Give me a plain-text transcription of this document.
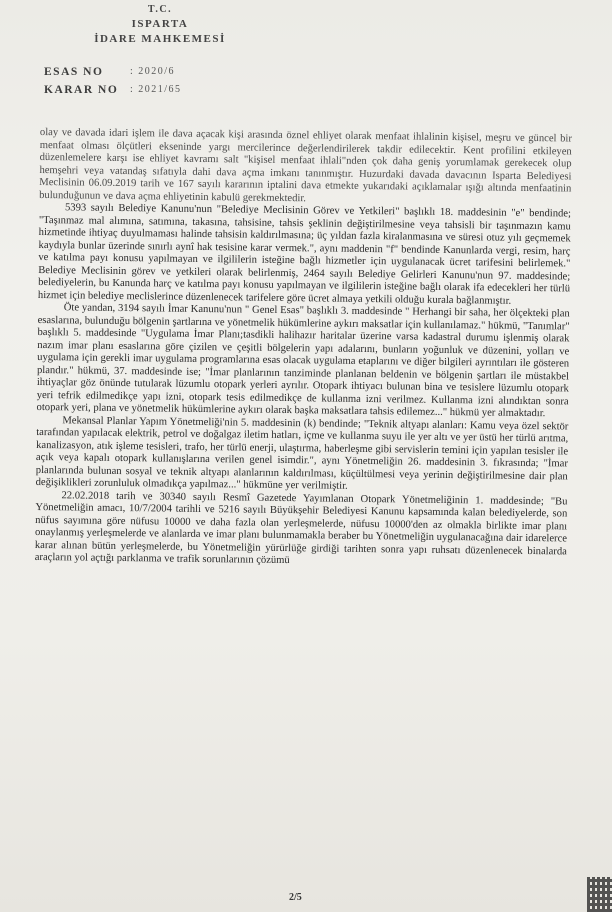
T.C.
ISPARTA
İDARE MAHKEMESİ
ESAS NO	: 2020/6
KARAR NO	: 2021/65

olay ve davada idari işlem ile dava açacak kişi arasında öznel ehliyet olarak menfaat ihlalinin kişisel, meşru ve güncel bir menfaat olması ölçütleri ekseninde yargı mercilerince değerlendirilerek takdir edilecektir. Kent profilini etkileyen düzenlemelere karşı ise ehliyet kavramı salt "kişisel menfaat ihlali"nden çok daha geniş yorumlamak gerekecek olup hemşehri veya vatandaş sıfatıyla dahi dava açma imkanı tanınmıştır. Huzurdaki davada davacının Isparta Belediyesi Meclisinin 06.09.2019 tarih ve 167 sayılı kararının iptalini dava etmekte yukarıdaki açıklamalar ışığı altında menfaatinin bulunduğunun ve dava açma ehliyetinin kabulü gerekmektedir.

5393 sayılı Belediye Kanunu'nun "Belediye Meclisinin Görev ve Yetkileri" başlıklı 18. maddesinin "e" bendinde; "Taşınmaz mal alımına, satımına, takasına, tahsisine, tahsis şeklinin değiştirilmesine veya tahsisli bir taşınmazın kamu hizmetinde ihtiyaç duyulmaması halinde tahsisin kaldırılmasına; üç yıldan fazla kiralanmasına ve süresi otuz yılı geçmemek kaydıyla bunlar üzerinde sınırlı aynî hak tesisine karar vermek.", aynı maddenin "f" bendinde Kanunlarda vergi, resim, harç ve katılma payı konusu yapılmayan ve ilgililerin isteğine bağlı hizmetler için uygulanacak ücret tarifesini belirlemek." Belediye Meclisinin görev ve yetkileri olarak belirlenmiş, 2464 sayılı Belediye Gelirleri Kanunu'nun 97. maddesinde; belediyelerin, bu Kanunda harç ve katılma payı konusu yapılmayan ve ilgililerin isteğine bağlı olarak ifa edecekleri her türlü hizmet için belediye meclislerince düzenlenecek tarifelere göre ücret almaya yetkili olduğu kurala bağlanmıştır.

Öte yandan, 3194 sayılı İmar Kanunu'nun " Genel Esas" başlıklı 3. maddesinde " Herhangi bir saha, her ölçekteki plan esaslarına, bulunduğu bölgenin şartlarına ve yönetmelik hükümlerine aykırı maksatlar için kullanılamaz." hükmü, "Tanımlar" başlıklı 5. maddesinde "Uygulama İmar Planı;tasdikli halihazır haritalar üzerine varsa kadastral durumu işlenmiş olarak nazım imar planı esaslarına göre çizilen ve çeşitli bölgelerin yapı adalarını, bunların yoğunluk ve düzenini, yolları ve uygulama için gerekli imar uygulama programlarına esas olacak uygulama etaplarını ve diğer bilgileri ayrıntıları ile gösteren plandır." hükmü, 37. maddesinde ise; "İmar planlarının tanziminde planlanan beldenin ve bölgenin şartları ile müstakbel ihtiyaçlar göz önünde tutularak lüzumlu otopark yerleri ayrılır. Otopark ihtiyacı bulunan bina ve tesislere lüzumlu otopark yeri tefrik edilmedikçe yapı izni, otopark tesis edilmedikçe de kullanma izni verilmez. Kullanma izni alındıktan sonra otopark yeri, plana ve yönetmelik hükümlerine aykırı olarak başka maksatlara tahsis edilemez..." hükmü yer almaktadır.

Mekansal Planlar Yapım Yönetmeliği'nin 5. maddesinin (k) bendinde; "Teknik altyapı alanları: Kamu veya özel sektör tarafından yapılacak elektrik, petrol ve doğalgaz iletim hatları, içme ve kullanma suyu ile yer altı ve yer üstü her türlü arıtma, kanalizasyon, atık işleme tesisleri, trafo, her türlü enerji, ulaştırma, haberleşme gibi servislerin temini için yapılan tesisler ile açık veya kapalı otopark kullanışlarına verilen genel isimdir.", aynı Yönetmeliğin 26. maddesinin 3. fıkrasında; "İmar planlarında bulunan sosyal ve teknik altyapı alanlarının kaldırılması, küçültülmesi veya yerinin değiştirilmesine dair plan değişiklikleri zorunluluk olmadıkça yapılmaz..." hükmüne yer verilmiştir.

22.02.2018 tarih ve 30340 sayılı Resmî Gazetede Yayımlanan Otopark Yönetmeliğinin 1. maddesinde; "Bu Yönetmeliğin amacı, 10/7/2004 tarihli ve 5216 sayılı Büyükşehir Belediyesi Kanunu kapsamında kalan belediyelerde, son nüfus sayımına göre nüfusu 10000 ve daha fazla olan yerleşmelerde, nüfusu 10000'den az olmakla birlikte imar planı onaylanmış yerleşmelerde ve alanlarda ve imar planı bulunmamakla beraber bu Yönetmeliğin uygulanacağına dair idarelerce karar alınan bütün yerleşmelerde, bu Yönetmeliğin yürürlüğe girdiği tarihten sonra yapı ruhsatı düzenlenecek binalarda araçların yol açtığı parklanma ve trafik sorunlarının çözümü

2/5
